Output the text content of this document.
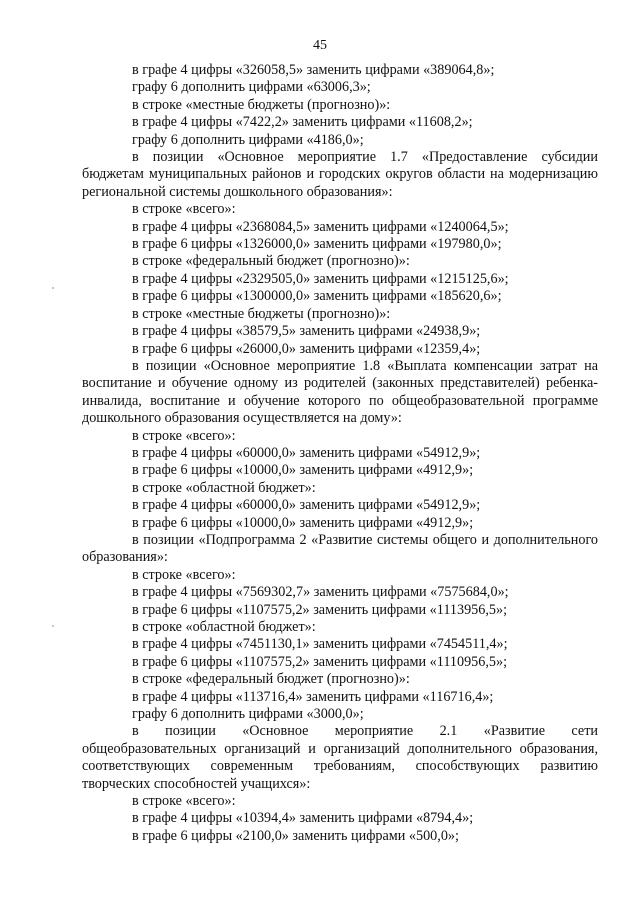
45
в графе 4 цифры «326058,5» заменить цифрами «389064,8»;
графу 6 дополнить цифрами «63006,3»;
в строке «местные бюджеты (прогнозно)»:
в графе 4 цифры «7422,2» заменить цифрами «11608,2»;
графу 6 дополнить цифрами «4186,0»;
в позиции «Основное мероприятие 1.7 «Предоставление субсидии бюджетам муниципальных районов и городских округов области на модернизацию региональной системы дошкольного образования»:
в строке «всего»:
в графе 4 цифры «2368084,5» заменить цифрами «1240064,5»;
в графе 6 цифры «1326000,0» заменить цифрами «197980,0»;
в строке «федеральный бюджет (прогнозно)»:
в графе 4 цифры «2329505,0» заменить цифрами «1215125,6»;
в графе 6 цифры «1300000,0» заменить цифрами «185620,6»;
в строке «местные бюджеты (прогнозно)»:
в графе 4 цифры «38579,5» заменить цифрами «24938,9»;
в графе 6 цифры «26000,0» заменить цифрами «12359,4»;
в позиции «Основное мероприятие 1.8 «Выплата компенсации затрат на воспитание и обучение одному из родителей (законных представителей) ребенка-инвалида, воспитание и обучение которого по общеобразовательной программе дошкольного образования осуществляется на дому»:
в строке «всего»:
в графе 4 цифры «60000,0» заменить цифрами «54912,9»;
в графе 6 цифры «10000,0» заменить цифрами «4912,9»;
в строке «областной бюджет»:
в графе 4 цифры «60000,0» заменить цифрами «54912,9»;
в графе 6 цифры «10000,0» заменить цифрами «4912,9»;
в позиции «Подпрограмма 2 «Развитие системы общего и дополнительного образования»:
в строке «всего»:
в графе 4 цифры «7569302,7» заменить цифрами «7575684,0»;
в графе 6 цифры «1107575,2» заменить цифрами «1113956,5»;
в строке «областной бюджет»:
в графе 4 цифры «7451130,1» заменить цифрами «7454511,4»;
в графе 6 цифры «1107575,2» заменить цифрами «1110956,5»;
в строке «федеральный бюджет (прогнозно)»:
в графе 4 цифры «113716,4» заменить цифрами «116716,4»;
графу 6 дополнить цифрами «3000,0»;
в позиции «Основное мероприятие 2.1 «Развитие сети общеобразовательных организаций и организаций дополнительного образования, соответствующих современным требованиям, способствующих развитию творческих способностей учащихся»:
в строке «всего»:
в графе 4 цифры «10394,4» заменить цифрами «8794,4»;
в графе 6 цифры «2100,0» заменить цифрами «500,0»;
